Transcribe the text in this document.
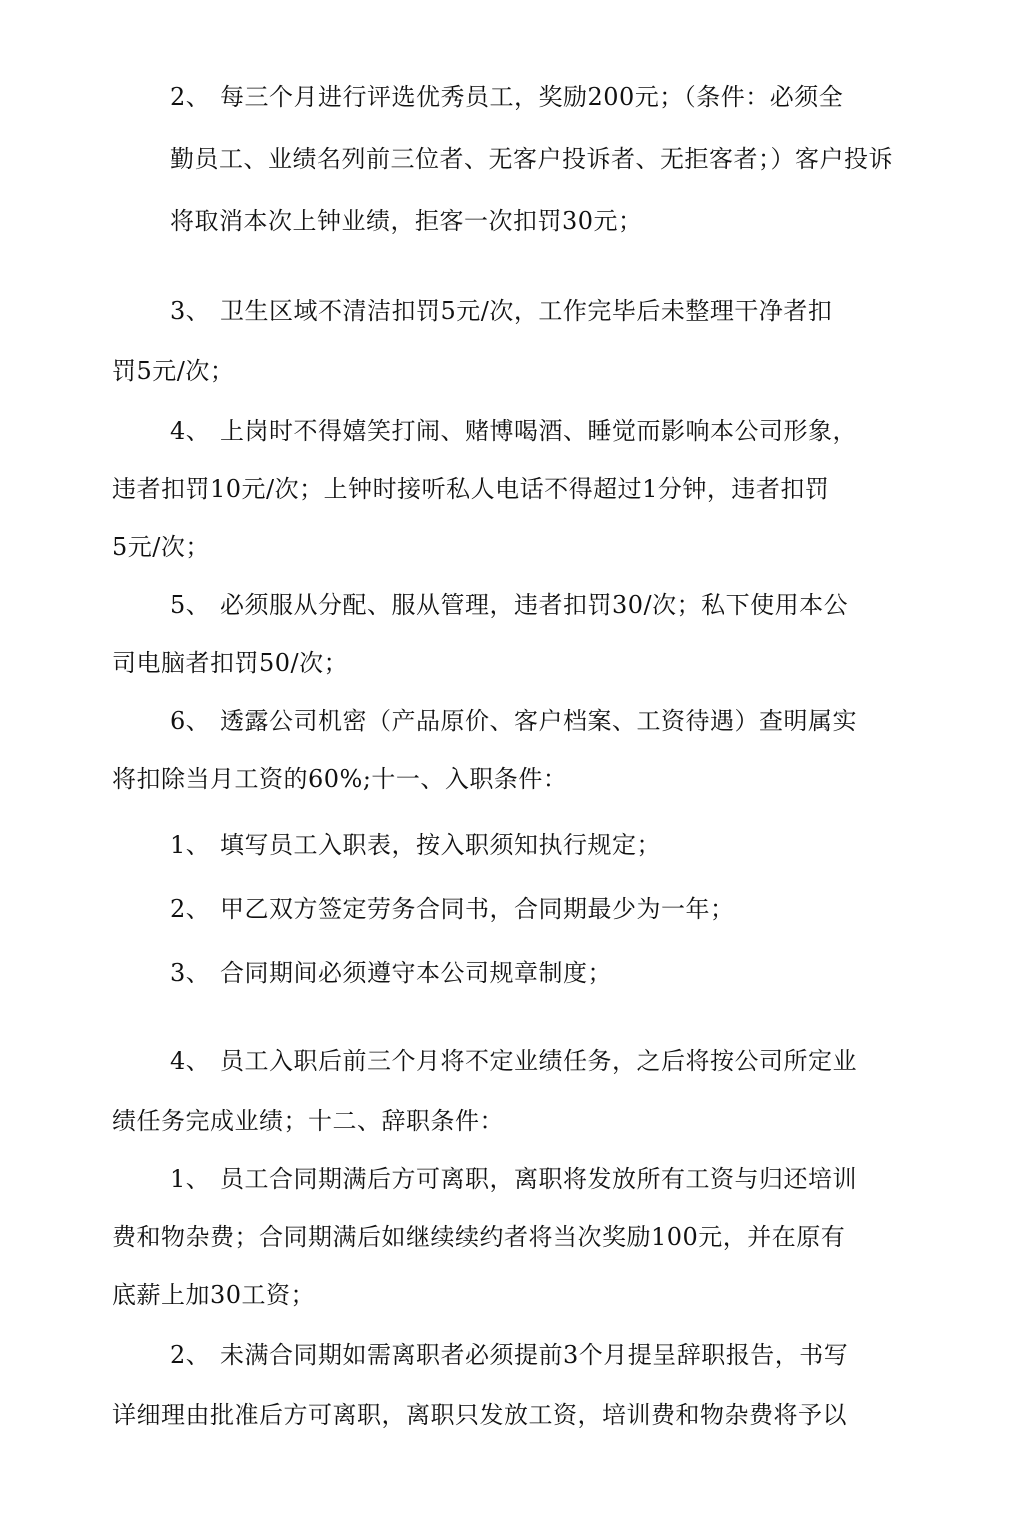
2、 每三个月进行评选优秀员工，奖励200元；（条件：必须全
勤员工、业绩名列前三位者、无客户投诉者、无拒客者；）客户投诉
将取消本次上钟业绩，拒客一次扣罚30元；
3、 卫生区域不清洁扣罚5元/次，工作完毕后未整理干净者扣
罚5元/次；
4、 上岗时不得嬉笑打闹、赌博喝酒、睡觉而影响本公司形象，
违者扣罚10元/次；上钟时接听私人电话不得超过1分钟，违者扣罚
5元/次；
5、 必须服从分配、服从管理，违者扣罚30/次；私下使用本公
司电脑者扣罚50/次；
6、 透露公司机密（产品原价、客户档案、工资待遇）查明属实
将扣除当月工资的60%;十一、入职条件：
1、 填写员工入职表，按入职须知执行规定；
2、 甲乙双方签定劳务合同书，合同期最少为一年；
3、 合同期间必须遵守本公司规章制度；
4、 员工入职后前三个月将不定业绩任务，之后将按公司所定业
绩任务完成业绩；十二、辞职条件：
1、 员工合同期满后方可离职，离职将发放所有工资与归还培训
费和物杂费；合同期满后如继续续约者将当次奖励100元，并在原有
底薪上加30工资；
2、 未满合同期如需离职者必须提前3个月提呈辞职报告，书写
详细理由批准后方可离职，离职只发放工资，培训费和物杂费将予以
